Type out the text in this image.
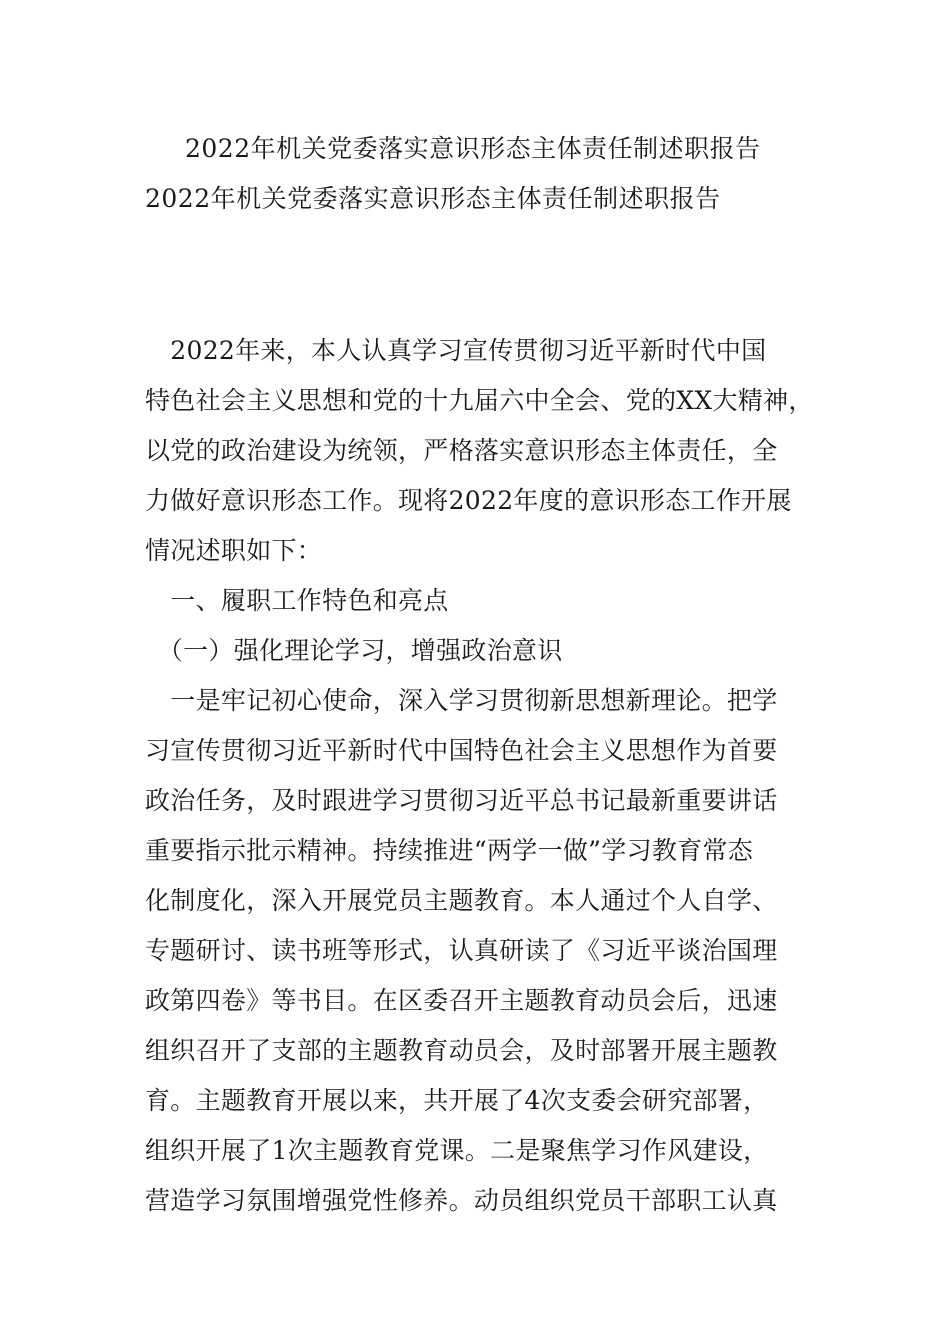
2022年机关党委落实意识形态主体责任制述职报告
2022年机关党委落实意识形态主体责任制述职报告
　2022年来，本人认真学习宣传贯彻习近平新时代中国
特色社会主义思想和党的十九届六中全会、党的XX大精神，
以党的政治建设为统领，严格落实意识形态主体责任，全
力做好意识形态工作。现将2022年度的意识形态工作开展
情况述职如下：
　一、履职工作特色和亮点
　（一）强化理论学习，增强政治意识
　一是牢记初心使命，深入学习贯彻新思想新理论。把学
习宣传贯彻习近平新时代中国特色社会主义思想作为首要
政治任务，及时跟进学习贯彻习近平总书记最新重要讲话
重要指示批示精神。持续推进“两学一做”学习教育常态
化制度化，深入开展党员主题教育。本人通过个人自学、
专题研讨、读书班等形式，认真研读了《习近平谈治国理
政第四卷》等书目。在区委召开主题教育动员会后，迅速
组织召开了支部的主题教育动员会，及时部署开展主题教
育。主题教育开展以来，共开展了4次支委会研究部署，
组织开展了1次主题教育党课。二是聚焦学习作风建设，
营造学习氛围增强党性修养。动员组织党员干部职工认真
